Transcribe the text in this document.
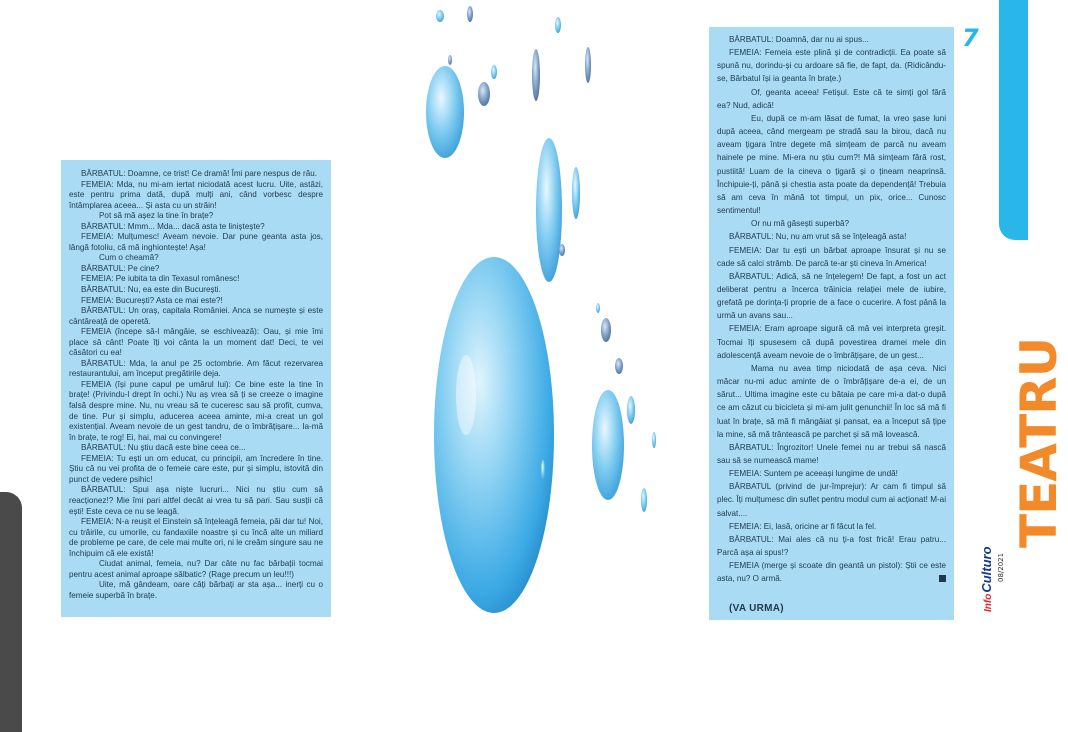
BĂRBATUL: Doamne, ce trist! Ce dramă! Îmi pare nespus de rău.

FEMEIA: Mda, nu mi-am iertat niciodată acest lucru. Uite, astăzi, este pentru prima dată, după mulți ani, când vorbesc despre întâmplarea aceea... Și asta cu un străin!

Pot să mă așez la tine în brațe?

BĂRBATUL: Mmm... Mda... dacă asta te liniștește?

FEMEIA: Mulțumesc! Aveam nevoie. Dar pune geanta asta jos, lângă fotoliu, că mă inghiontește! Așa!

Cum o cheamă?

BĂRBATUL: Pe cine?

FEMEIA: Pe iubita ta din Texasul românesc!

BĂRBATUL: Nu, ea este din București.

FEMEIA: București? Asta ce mai este?!

BĂRBATUL: Un oraș, capitala României. Anca se numește și este cântăreață de operetă.

FEMEIA (începe să-l mângâie, se eschivează): Oau, și mie îmi place să cânt! Poate îți voi cânta la un moment dat! Deci, te vei căsători cu ea!

BĂRBATUL: Mda, la anul pe 25 octombrie. Am făcut rezervarea restaurantului, am început pregătirile deja.

FEMEIA (își pune capul pe umărul lui): Ce bine este la tine în brațe! (Privindu-l drept în ochi.) Nu aș vrea să ți se creeze o imagine falsă despre mine. Nu, nu vreau să te cuceresc sau să profit, cumva, de tine. Pur și simplu, aducerea aceea aminte, mi-a creat un gol existențial. Aveam nevoie de un gest tandru, de o îmbrățișare... Ia-mă în brațe, te rog! Ei, hai, mai cu convingere!

BĂRBATUL: Nu știu dacă este bine ceea ce...

FEMEIA: Tu ești un om educat, cu principii, am încredere în tine. Știu că nu vei profita de o femeie care este, pur și simplu, istovită din punct de vedere psihic!

BĂRBATUL: Spui așa niște lucruri... Nici nu știu cum să reacționez!? Mie îmi pari altfel decât ai vrea tu să pari. Sau susții că ești! Este ceva ce nu se leagă.

FEMEIA: N-a reușit el Einstein să înțeleagă femeia, păi dar tu! Noi, cu trăirile, cu umorile, cu fandaxiile noastre și cu încă alte un miliard de probleme pe care, de cele mai multe ori, ni le creăm singure sau ne închipuim că ele există!

Ciudat animal, femeia, nu? Dar câte nu fac bărbații tocmai pentru acest animal aproape sălbatic? (Rage precum un leu!!!)

Uite, mă gândeam, oare câți bărbați ar sta așa... inerți cu o femeie superbă în brațe.

BĂRBATUL: Doamnă, dar nu ai spus...

FEMEIA: Femeia este plină și de contradicții. Ea poate să spună nu, dorindu-și cu ardoare să fie, de fapt, da. (Ridicându-se, Bărbatul își ia geanta în brațe.)

Of, geanta aceea! Fetișul. Este că te simți gol fără ea? Nud, adică!

Eu, după ce m-am lăsat de fumat, la vreo șase luni după aceea, când mergeam pe stradă sau la birou, dacă nu aveam țigara între degete mă simțeam de parcă nu aveam hainele pe mine. Mi-era nu știu cum?! Mă simțeam fără rost, pustiită! Luam de la cineva o țigară și o țineam neaprinsă. Închipuie-ți, până și chestia asta poate da dependență! Trebuia să am ceva în mână tot timpul, un pix, orice... Cunosc sentimentul!

Or nu mă găsești superbă?

BĂRBATUL: Nu, nu am vrut să se înțeleagă asta!

FEMEIA: Dar tu ești un bărbat aproape însurat și nu se cade să calci strâmb. De parcă te-ar ști cineva în America!

BĂRBATUL: Adică, să ne înțelegem! De fapt, a fost un act deliberat pentru a încerca trăinicia relației mele de iubire, grefată pe dorința-ți proprie de a face o cucerire. A fost până la urmă un avans sau...

FEMEIA: Eram aproape sigură că mă vei interpreta greșit. Tocmai îți spusesem că după povestirea dramei mele din adolescență aveam nevoie de o îmbrățișare, de un gest...

Mama nu avea timp niciodată de așa ceva. Nici măcar nu-mi aduc aminte de o îmbrățișare de-a ei, de un sărut... Ultima imagine este cu bătaia pe care mi-a dat-o după ce am căzut cu bicicleta și mi-am julit genunchii! În loc să mă fi luat în brațe, să mă fi mângâiat și pansat, ea a început să țipe la mine, să mă trântească pe parchet și să mă lovească.

BĂRBATUL: Îngrozitor! Unele femei nu ar trebui să nască sau să se numească mame!

FEMEIA: Suntem pe aceeași lungime de undă!

BĂRBATUL (privind de jur-împrejur): Ar cam fi timpul să plec. Îți mulțumesc din suflet pentru modul cum ai acționat! M-ai salvat....

FEMEIA: Ei, lasă, oricine ar fi făcut la fel.

BĂRBATUL: Mai ales că nu ți-a fost frică! Erau patru... Parcă așa ai spus!?

FEMEIA (merge și scoate din geantă un pistol): Știi ce este asta, nu? O armă.

(VA URMA)

7
TEATRU
Info
Culturo 08/2021
